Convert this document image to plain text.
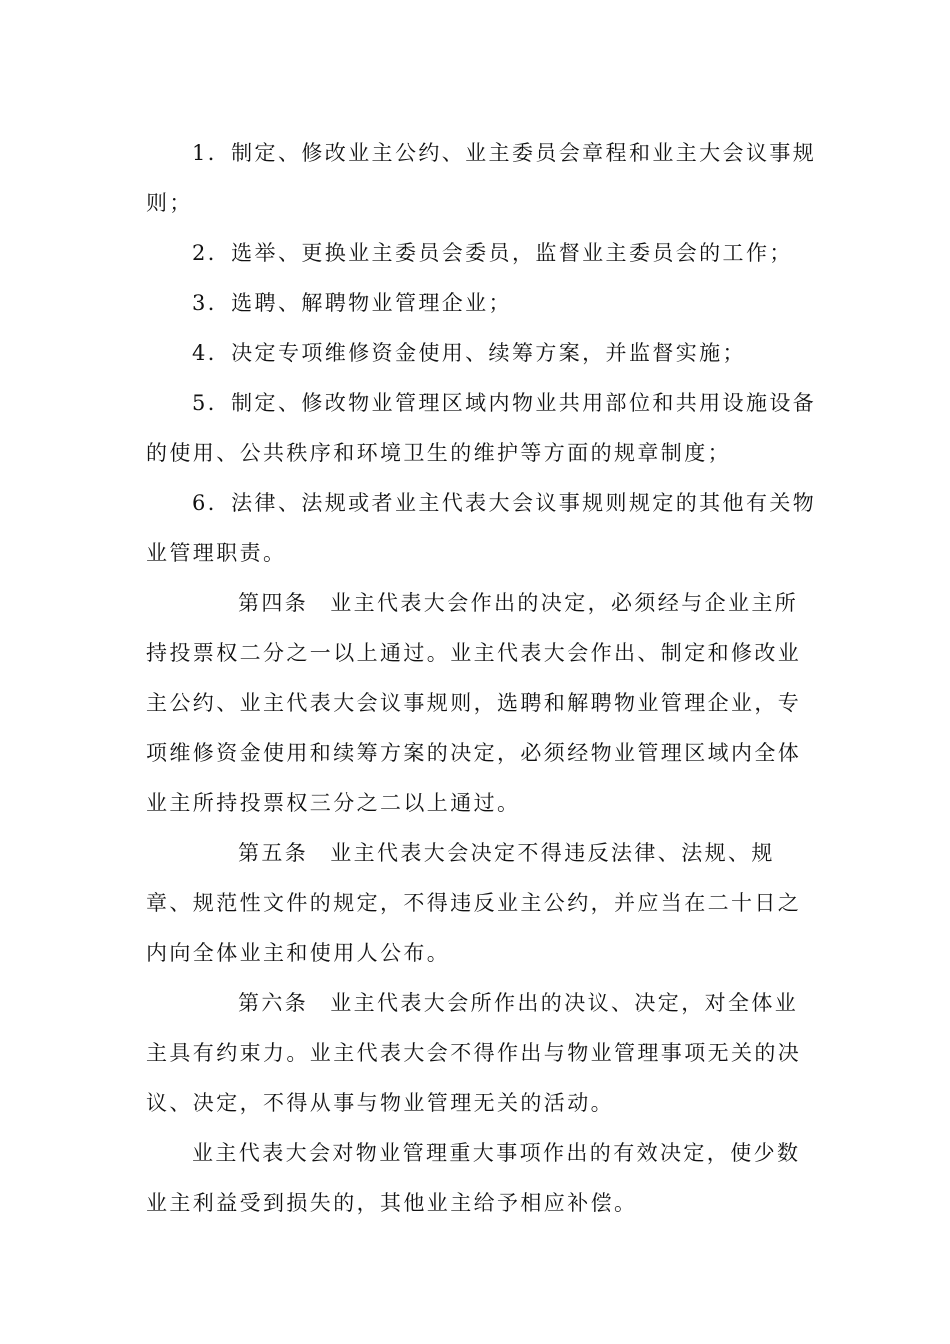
1．制定、修改业主公约、业主委员会章程和业主大会议事规则；

2．选举、更换业主委员会委员，监督业主委员会的工作；

3．选聘、解聘物业管理企业；

4．决定专项维修资金使用、续筹方案，并监督实施；

5．制定、修改物业管理区域内物业共用部位和共用设施设备的使用、公共秩序和环境卫生的维护等方面的规章制度；

6．法律、法规或者业主代表大会议事规则规定的其他有关物业管理职责。

第四条 业主代表大会作出的决定，必须经与企业主所持投票权二分之一以上通过。业主代表大会作出、制定和修改业主公约、业主代表大会议事规则，选聘和解聘物业管理企业，专项维修资金使用和续筹方案的决定，必须经物业管理区域内全体业主所持投票权三分之二以上通过。

第五条 业主代表大会决定不得违反法律、法规、规章、规范性文件的规定，不得违反业主公约，并应当在二十日之内向全体业主和使用人公布。

第六条 业主代表大会所作出的决议、决定，对全体业主具有约束力。业主代表大会不得作出与物业管理事项无关的决议、决定，不得从事与物业管理无关的活动。

业主代表大会对物业管理重大事项作出的有效决定，使少数业主利益受到损失的，其他业主给予相应补偿。
